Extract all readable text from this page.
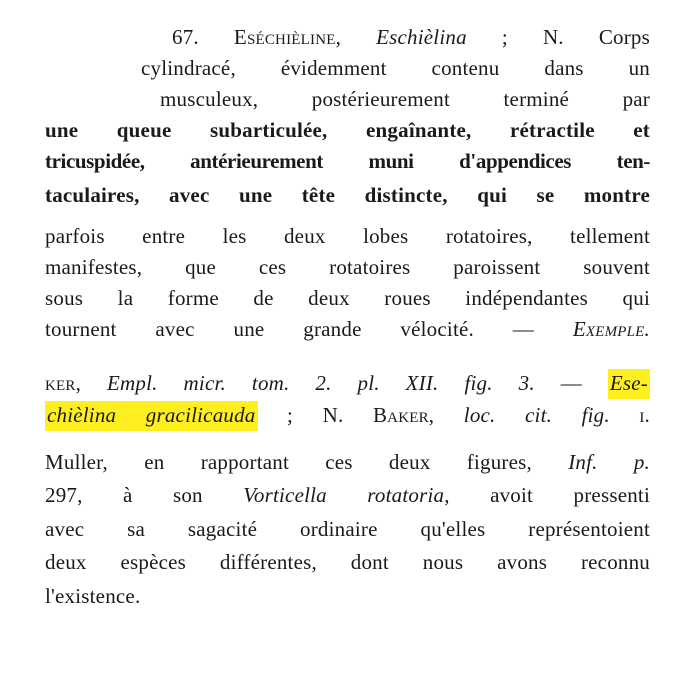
67. Eséchièline, Eschièlina ; N. Corps
cylindracé, évidemment contenu dans un
musculeux, postérieurement terminé par
une queue subarticulée, engaînante, rétractile et
tricuspidée, antérieurement muni d'appendices ten-
taculaires, avec une tête distincte, qui se montre
parfois entre les deux lobes rotatoires, tellement
manifestes, que ces rotatoires paroissent souvent
sous la forme de deux roues indépendantes qui
tournent avec une grande vélocité. — Exemple.
ker, Empl. micr. tom. 2. pl. XII. fig. 3. — Ese-
chièlina gracilicauda ; N. Baker, loc. cit. fig. i.
Muller, en rapportant ces deux figures, Inf. p.
297, à son Vorticella rotatoria, avoit pressenti
avec sa sagacité ordinaire qu'elles représentoient
deux espèces différentes, dont nous avons reconnu
l'existence.
